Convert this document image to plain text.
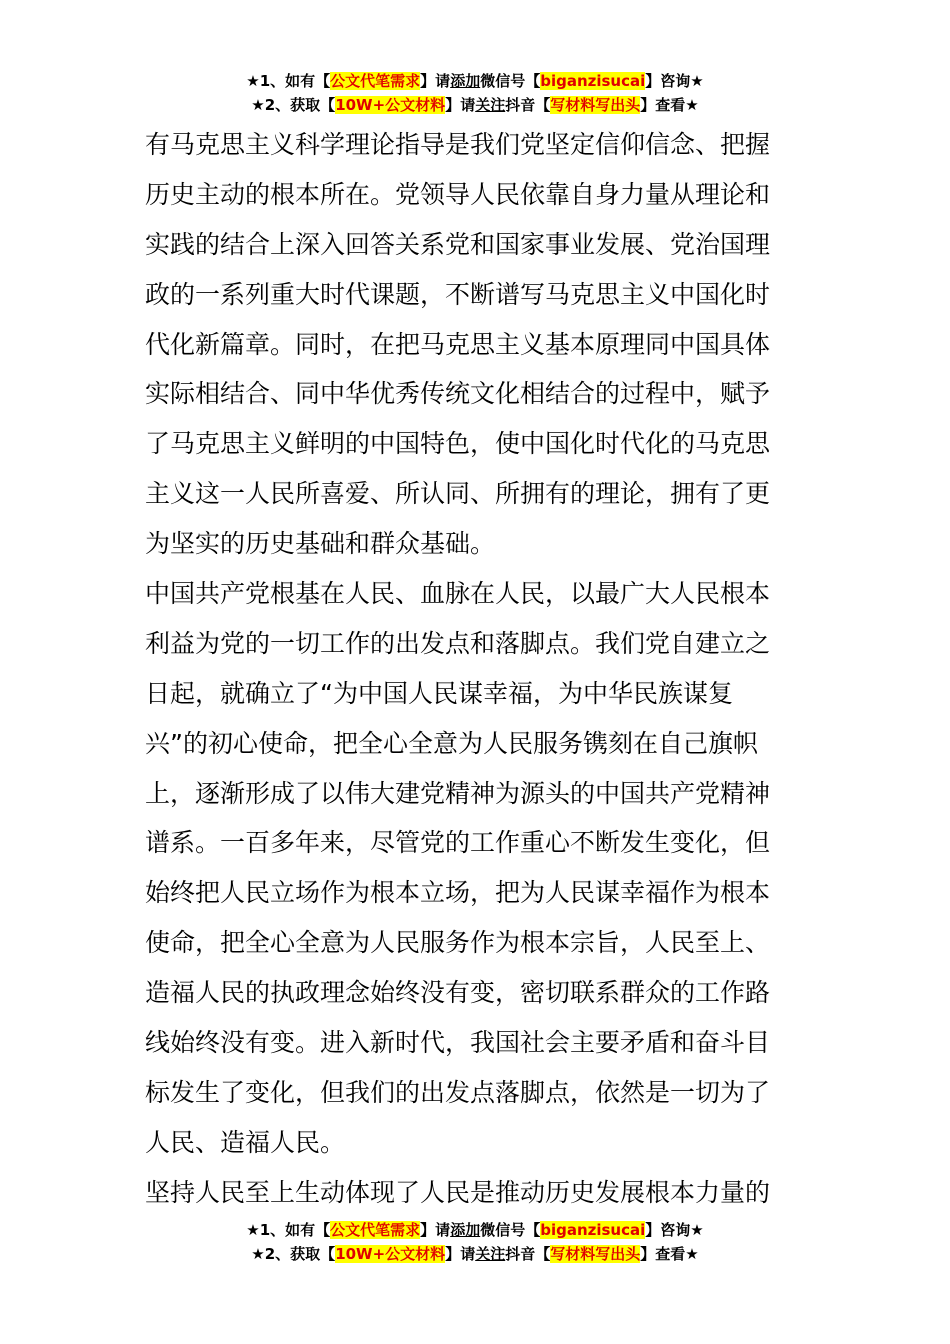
★1、如有【公文代笔需求】请添加微信号【biganzisucai】咨询★
★2、获取【10W+公文材料】请关注抖音【写材料写出头】查看★
有马克思主义科学理论指导是我们党坚定信仰信念、把握
历史主动的根本所在。党领导人民依靠自身力量从理论和
实践的结合上深入回答关系党和国家事业发展、党治国理
政的一系列重大时代课题，不断谱写马克思主义中国化时
代化新篇章。同时，在把马克思主义基本原理同中国具体
实际相结合、同中华优秀传统文化相结合的过程中，赋予
了马克思主义鲜明的中国特色，使中国化时代化的马克思
主义这一人民所喜爱、所认同、所拥有的理论，拥有了更
为坚实的历史基础和群众基础。
中国共产党根基在人民、血脉在人民，以最广大人民根本
利益为党的一切工作的出发点和落脚点。我们党自建立之
日起，就确立了“为中国人民谋幸福，为中华民族谋复
兴”的初心使命，把全心全意为人民服务镌刻在自己旗帜
上，逐渐形成了以伟大建党精神为源头的中国共产党精神
谱系。一百多年来，尽管党的工作重心不断发生变化，但
始终把人民立场作为根本立场，把为人民谋幸福作为根本
使命，把全心全意为人民服务作为根本宗旨，人民至上、
造福人民的执政理念始终没有变，密切联系群众的工作路
线始终没有变。进入新时代，我国社会主要矛盾和奋斗目
标发生了变化，但我们的出发点落脚点，依然是一切为了
人民、造福人民。
坚持人民至上生动体现了人民是推动历史发展根本力量的
★1、如有【公文代笔需求】请添加微信号【biganzisucai】咨询★
★2、获取【10W+公文材料】请关注抖音【写材料写出头】查看★
